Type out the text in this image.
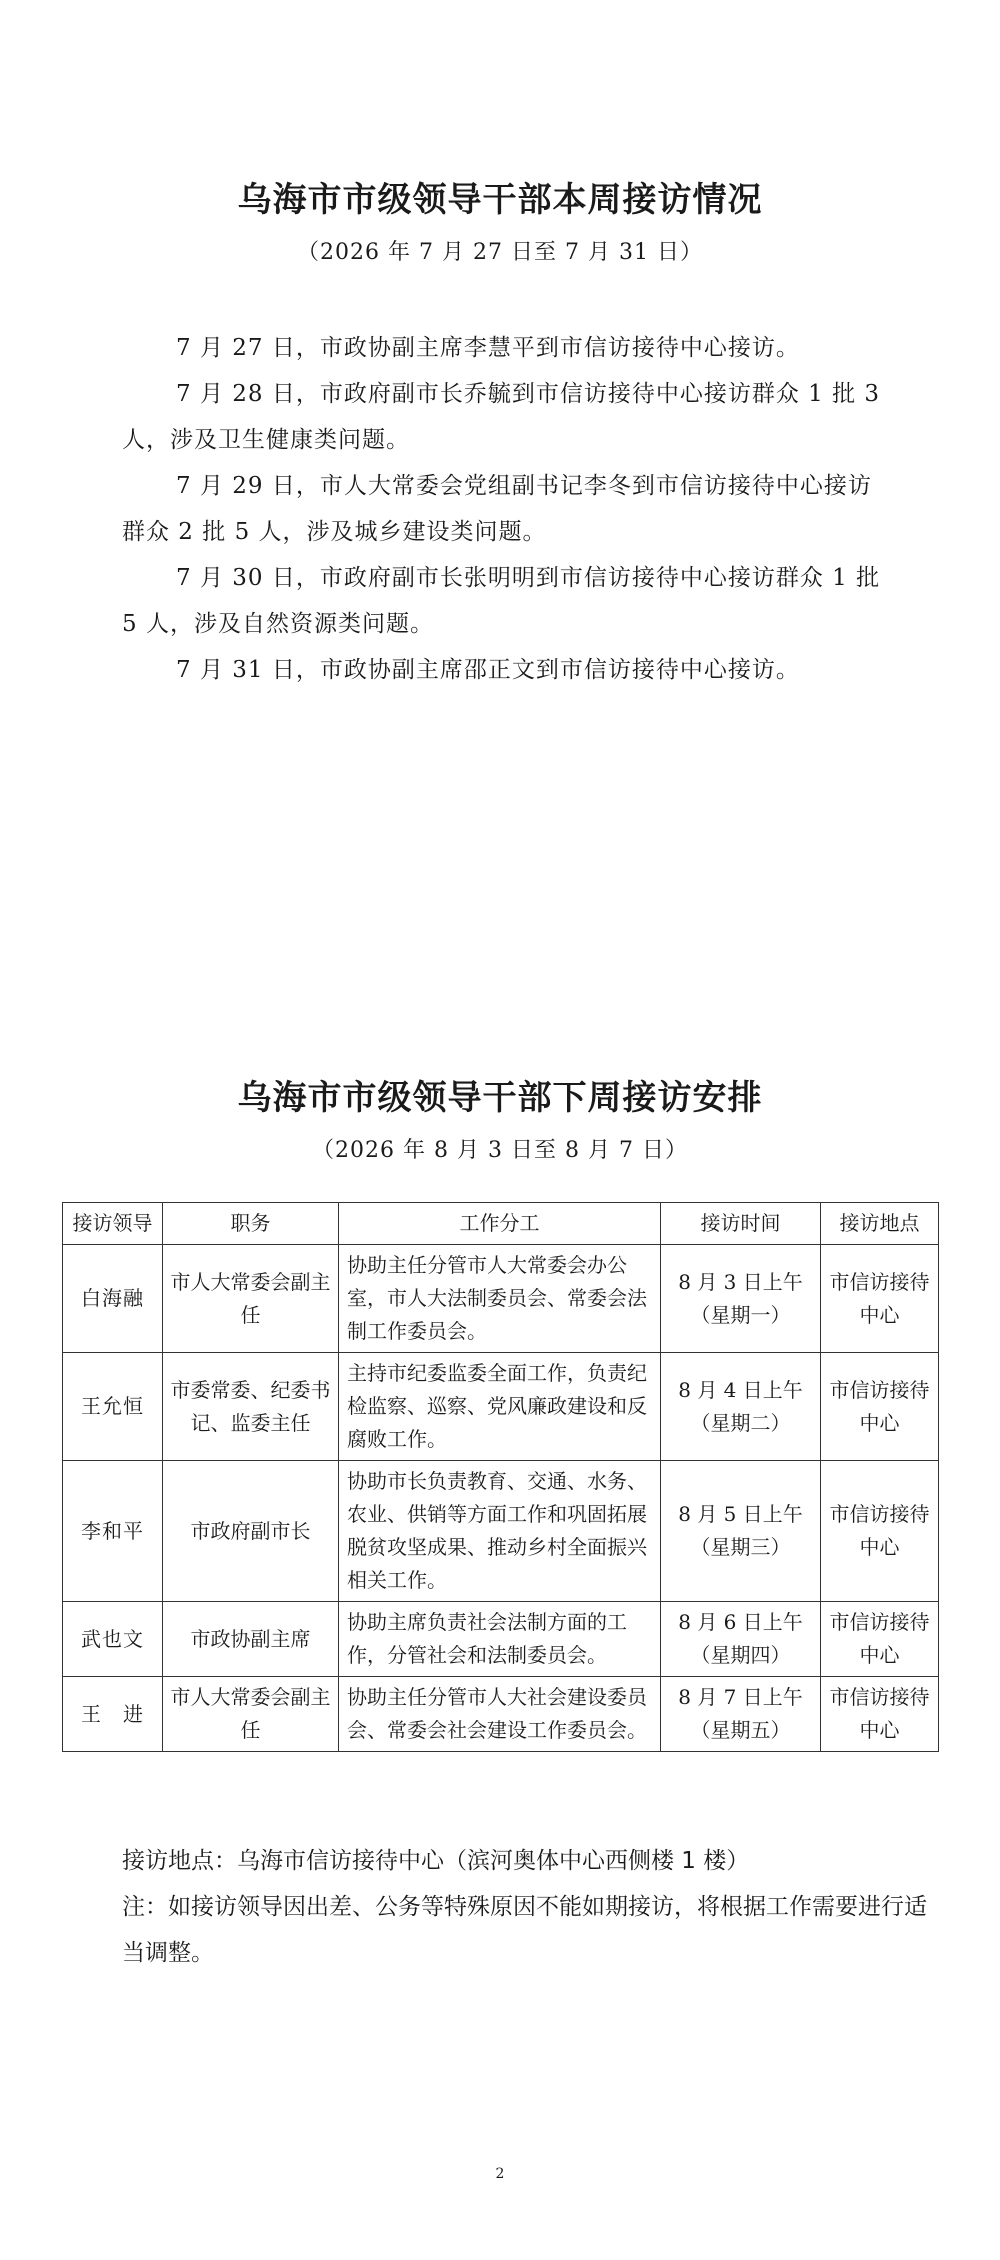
乌海市市级领导干部本周接访情况
（2026 年 7 月 27 日至 7 月 31 日）

7 月 27 日，市政协副主席李慧平到市信访接待中心接访。

7 月 28 日，市政府副市长乔毓到市信访接待中心接访群众 1 批 3 人，涉及卫生健康类问题。

7 月 29 日，市人大常委会党组副书记李冬到市信访接待中心接访群众 2 批 5 人，涉及城乡建设类问题。

7 月 30 日，市政府副市长张明明到市信访接待中心接访群众 1 批 5 人，涉及自然资源类问题。

7 月 31 日，市政协副主席邵正文到市信访接待中心接访。

乌海市市级领导干部下周接访安排
（2026 年 8 月 3 日至 8 月 7 日）
接访领导	职务	工作分工	接访时间	接访地点
白海融	市人大常委会副主任	协助主任分管市人大常委会办公室，市人大法制委员会、常委会法制工作委员会。	8 月 3 日上午（星期一）	市信访接待中心
王允恒	市委常委、纪委书记、监委主任	主持市纪委监委全面工作，负责纪检监察、巡察、党风廉政建设和反腐败工作。	8 月 4 日上午（星期二）	市信访接待中心
李和平	市政府副市长	协助市长负责教育、交通、水务、农业、供销等方面工作和巩固拓展脱贫攻坚成果、推动乡村全面振兴相关工作。	8 月 5 日上午（星期三）	市信访接待中心
武也文	市政协副主席	协助主席负责社会法制方面的工作，分管社会和法制委员会。	8 月 6 日上午（星期四）	市信访接待中心
王　进	市人大常委会副主任	协助主任分管市人大社会建设委员会、常委会社会建设工作委员会。	8 月 7 日上午（星期五）	市信访接待中心

接访地点：乌海市信访接待中心（滨河奥体中心西侧楼 1 楼）

注：如接访领导因出差、公务等特殊原因不能如期接访，将根据工作需要进行适当调整。

2
